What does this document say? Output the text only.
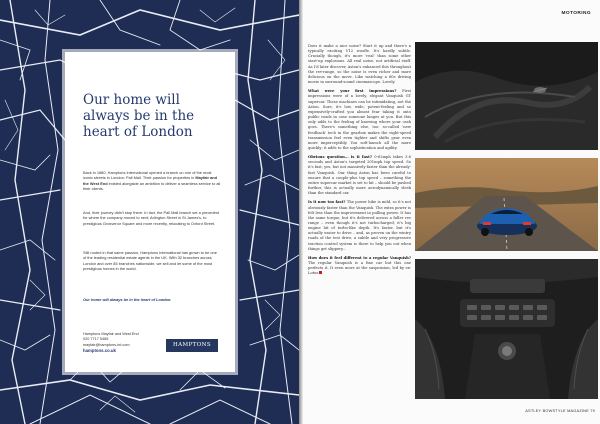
Our home will always be in the heart of London

Back in 1880, Hamptons International opened a branch on one of the most iconic streets in London: Pall Mall. Their passion for properties in Mayfair and the West End existed alongside an ambition to deliver a seamless service to all their clients.

And, their journey didn't stop there. In fact, the Pall Mall branch set a precedent for where the company moved to next; Arlington Street in St James's, to prestigious Grosvenor Square and more recently, relocating to Oxford Street.

Still rooted in that same passion, Hamptons International has grown to be one of the leading residential estate agents in the UK. With 32 branches across London and over 85 branches nationwide, we sell and let some of the most prestigious homes in the world.

Our home will always be in the heart of London.

Hamptons Mayfair and West End
020 7717 5465
mayfair@hamptons-int.com
hamptons.co.uk
HAMPTONS
MOTORING

Does it make a nice noise? Start it up and there's a typically exciting V12 woofle. It's hardly subtle. Crucially though, it's more 'real' than some other start-up explosions. All real noise, not artificial stuff. As I'd later discover, Aston's enhanced this throughout the rev-range, so the noise is even richer and more delicious on the move. Like watching a 60s driving movie in surround-sound cinemascope. Lovely.

What were your first impressions? First impressions were of a lovely, elegant Vanquish GT supercar. These machines can be intimidating, not the Aston. Sure, it's low, wide, potent-feeling and so expensively-crafted you almost fear taking it onto public roads in case someone lunges at you. But this only adds to the feeling of knowing where your cash goes. There's something else, too: so-called 'new feedback' tech in the gearbox makes the eight-speed transmission feel even tighter and shifts gear even more imperceptibly. You soft-launch all the more quickly; it adds to the sophistication and agility.

Obvious question... is it fast? 0-62mph takes 3.6 seconds and Aston's targeted 201mph top speed. So it's fast, yes, but not massively faster than the already-fast Vanquish. Our thing Aston has been careful to ensure that a couple-plus top speed – something the entire supercar market is set to hit – should be pushed further, this is actually more aerodynamically sleek than the standard car.

Is it now too fast? The power hike is mild, so it's not obviously faster than the Vanquish. The extra power is felt less than the improvement in pulling power. It has the same torque, but it's delivered across a fuller rev range – even though it's not turbocharged; it's big engine hit of turbo-like depth. It's faster, but it's actually easier to drive – and, as proven on the wintry roads of the test drive, a subtle and very progressive traction control system is there to help you out when things get slippery...

How does it feel different to a regular Vanquish? The regular Vanquish is a fine car but this one perfects it. It even more at the suspension, led by ex-Lotus

ASTLEY BOWSTYLE MAGAZINE 79
